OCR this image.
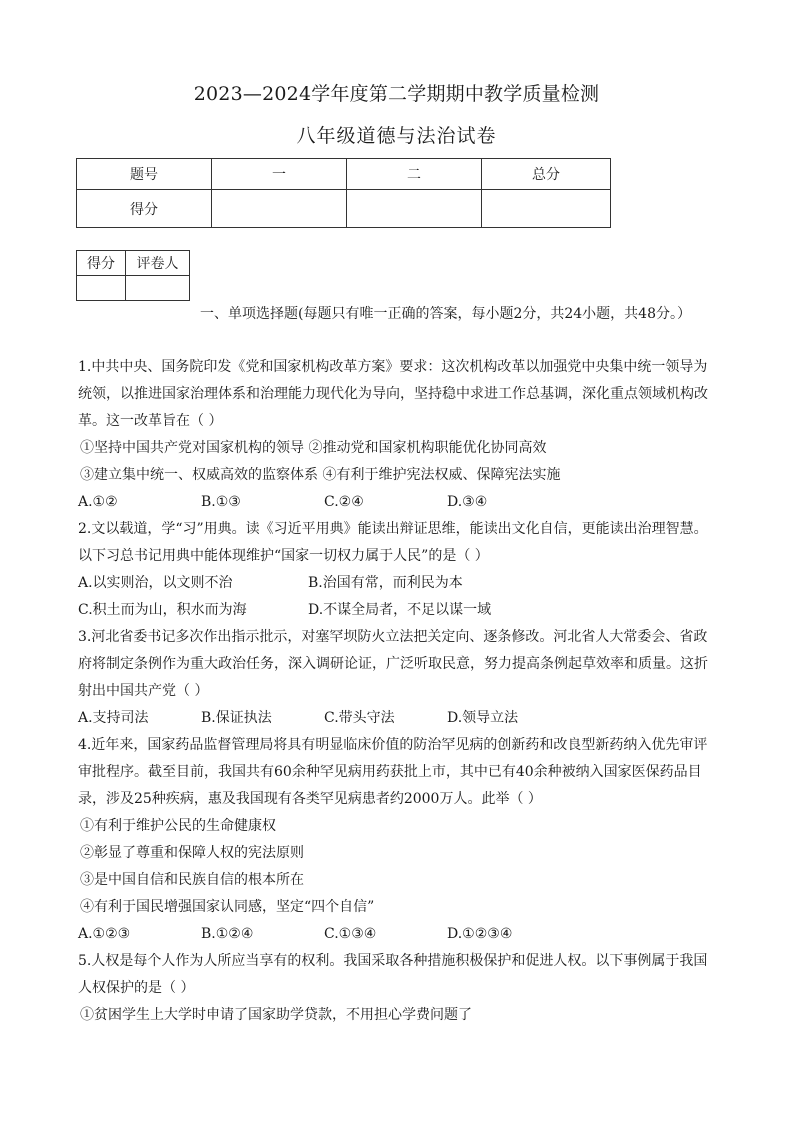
2023—2024学年度第二学期期中教学质量检测
八年级道德与法治试卷
题号	一	二	总分
得分			
得分	评卷人

一、单项选择题(每题只有唯一正确的答案，每小题2分，共24小题，共48分。）
1.中共中央、国务院印发《党和国家机构改革方案》要求：这次机构改革以加强党中央集中统一领导为
统领，以推进国家治理体系和治理能力现代化为导向，坚持稳中求进工作总基调，深化重点领域机构改
革。这一改革旨在（ ）
①坚持中国共产党对国家机构的领导 ②推动党和国家机构职能优化协同高效
③建立集中统一、权威高效的监察体系 ④有利于维护宪法权威、保障宪法实施
A.①②	B.①③	C.②④	D.③④
2.文以载道，学“习”用典。读《习近平用典》能读出辩证思维，能读出文化自信，更能读出治理智慧。
以下习总书记用典中能体现维护“国家一切权力属于人民”的是（ ）
A.以实则治，以文则不治	B.治国有常，而利民为本
C.积土而为山，积水而为海	D.不谋全局者，不足以谋一域
3.河北省委书记多次作出指示批示，对塞罕坝防火立法把关定向、逐条修改。河北省人大常委会、省政
府将制定条例作为重大政治任务，深入调研论证，广泛听取民意，努力提高条例起草效率和质量。这折
射出中国共产党（ ）
A.支持司法	B.保证执法	C.带头守法	D.领导立法
4.近年来，国家药品监督管理局将具有明显临床价值的防治罕见病的创新药和改良型新药纳入优先审评
审批程序。截至目前，我国共有60余种罕见病用药获批上市，其中已有40余种被纳入国家医保药品目
录，涉及25种疾病，惠及我国现有各类罕见病患者约2000万人。此举（ ）
①有利于维护公民的生命健康权
②彰显了尊重和保障人权的宪法原则
③是中国自信和民族自信的根本所在
④有利于国民增强国家认同感，坚定“四个自信”
A.①②③	B.①②④	C.①③④	D.①②③④
5.人权是每个人作为人所应当享有的权利。我国采取各种措施积极保护和促进人权。以下事例属于我国
人权保护的是（ ）
①贫困学生上大学时申请了国家助学贷款，不用担心学费问题了
